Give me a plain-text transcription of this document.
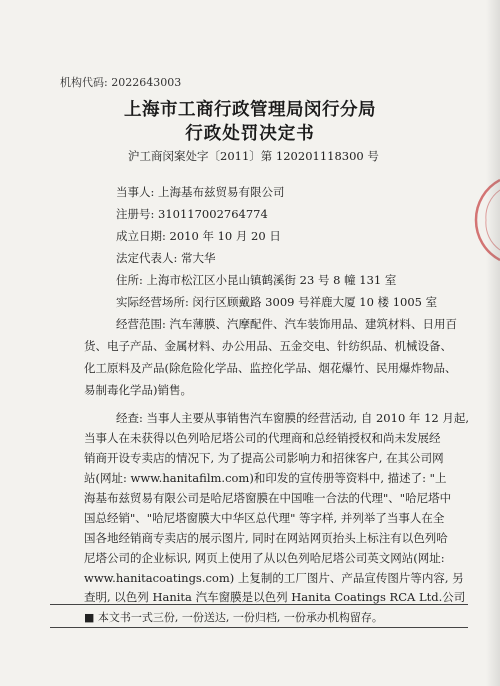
机构代码: 2022643003
上海市工商行政管理局闵行分局
行政处罚决定书
沪工商闵案处字〔2011〕第 120201118300 号
当事人: 上海基布兹贸易有限公司
注册号: 310117002764774
成立日期: 2010 年 10 月 20 日
法定代表人: 常大华
住所: 上海市松江区小昆山镇鹤溪街 23 号 8 幢 131 室
实际经营场所: 闵行区顾戴路 3009 号祥鹿大厦 10 楼 1005 室
经营范围: 汽车薄膜、汽摩配件、汽车装饰用品、建筑材料、日用百
货、电子产品、金属材料、办公用品、五金交电、针纺织品、机械设备、
化工原料及产品(除危险化学品、监控化学品、烟花爆竹、民用爆炸物品、
易制毒化学品)销售。
经查: 当事人主要从事销售汽车窗膜的经营活动, 自 2010 年 12 月起,
当事人在未获得以色列哈尼塔公司的代理商和总经销授权和尚未发展经
销商开设专卖店的情况下, 为了提高公司影响力和招徕客户, 在其公司网
站(网址: www.hanitafilm.com)和印发的宣传册等资料中, 描述了: "上
海基布兹贸易有限公司是哈尼塔窗膜在中国唯一合法的代理"、"哈尼塔中
国总经销"、"哈尼塔窗膜大中华区总代理" 等字样, 并列举了当事人在全
国各地经销商专卖店的展示图片, 同时在网站网页抬头上标注有以色列哈
尼塔公司的企业标识, 网页上使用了从以色列哈尼塔公司英文网站(网址:
■ 本文书一式三份, 一份送达, 一份归档, 一份承办机构留存。
www.hanitacoatings.com) 上复制的工厂图片、产品宣传图片等内容, 另
查明, 以色列 Hanita 汽车窗膜是以色列 Hanita Coatings RCA Ltd.公司
